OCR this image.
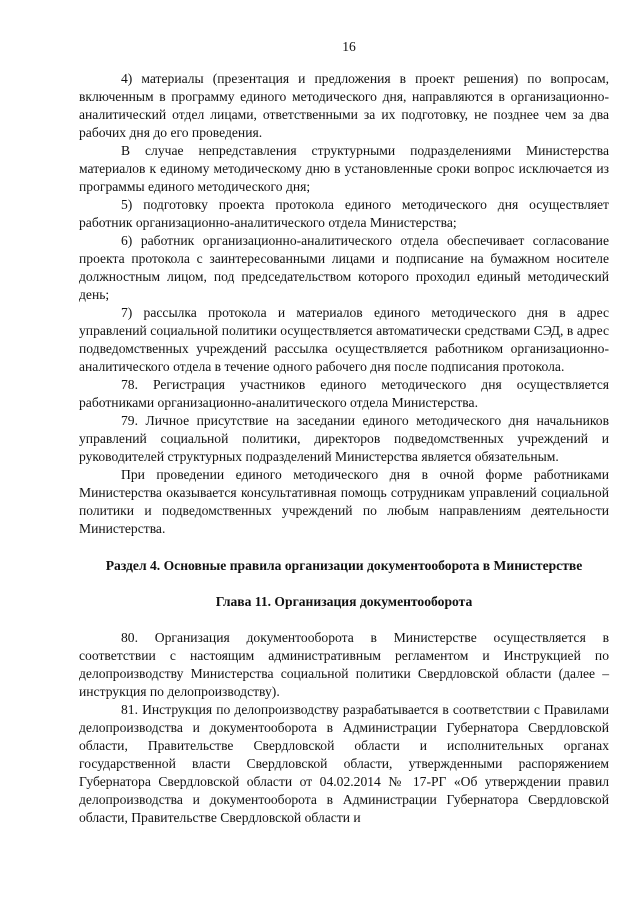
16

4) материалы (презентация и предложения в проект решения) по вопросам, включенным в программу единого методического дня, направляются в организационно-аналитический отдел лицами, ответственными за их подготовку, не позднее чем за два рабочих дня до его проведения.

В случае непредставления структурными подразделениями Министерства материалов к единому методическому дню в установленные сроки вопрос исключается из программы единого методического дня;

5) подготовку проекта протокола единого методического дня осуществляет работник организационно-аналитического отдела Министерства;

6) работник организационно-аналитического отдела обеспечивает согласование проекта протокола с заинтересованными лицами и подписание на бумажном носителе должностным лицом, под председательством которого проходил единый методический день;

7) рассылка протокола и материалов единого методического дня в адрес управлений социальной политики осуществляется автоматически средствами СЭД, в адрес подведомственных учреждений рассылка осуществляется работником организационно-аналитического отдела в течение одного рабочего дня после подписания протокола.

78. Регистрация участников единого методического дня осуществляется работниками организационно-аналитического отдела Министерства.

79. Личное присутствие на заседании единого методического дня начальников управлений социальной политики, директоров подведомственных учреждений и руководителей структурных подразделений Министерства является обязательным.

При проведении единого методического дня в очной форме работниками Министерства оказывается консультативная помощь сотрудникам управлений социальной политики и подведомственных учреждений по любым направлениям деятельности Министерства.

Раздел 4. Основные правила организации документооборота в Министерстве
Глава 11. Организация документооборота

80. Организация документооборота в Министерстве осуществляется в соответствии с настоящим административным регламентом и Инструкцией по делопроизводству Министерства социальной политики Свердловской области (далее – инструкция по делопроизводству).

81. Инструкция по делопроизводству разрабатывается в соответствии с Правилами делопроизводства и документооборота в Администрации Губернатора Свердловской области, Правительстве Свердловской области и исполнительных органах государственной власти Свердловской области, утвержденными распоряжением Губернатора Свердловской области от 04.02.2014 № 17-РГ «Об утверждении правил делопроизводства и документооборота в Администрации Губернатора Свердловской области, Правительстве Свердловской области и
